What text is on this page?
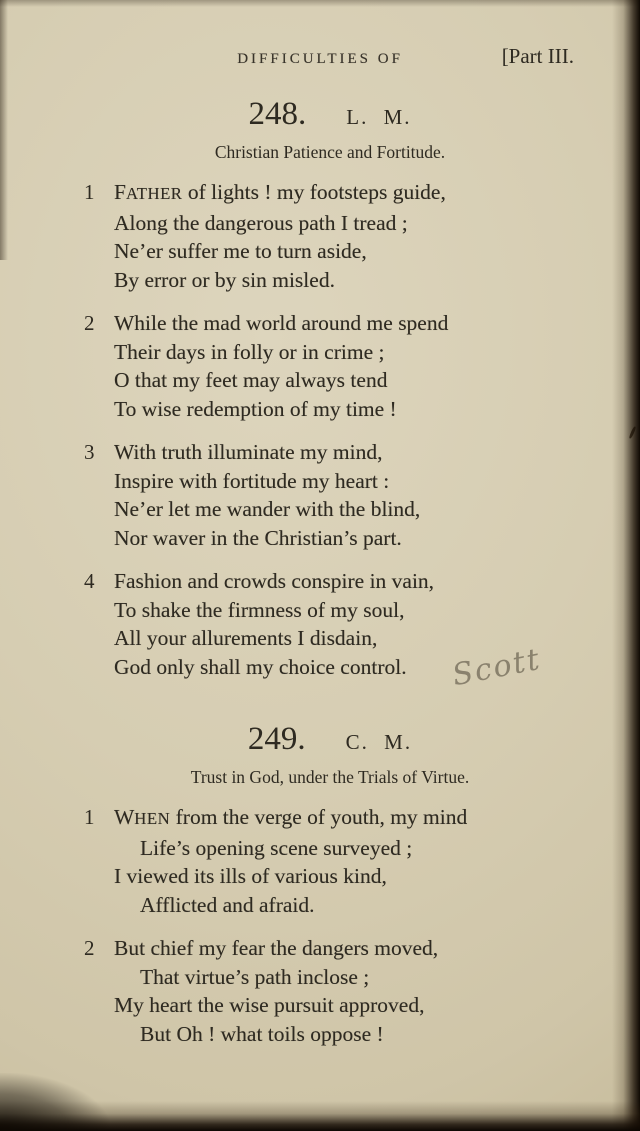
DIFFICULTIES OF	[Part III.
248. L. M.
Christian Patience and Fortitude.
1 FATHER of lights ! my footsteps guide,
Along the dangerous path I tread ;
Ne’er suffer me to turn aside,
By error or by sin misled.
2 While the mad world around me spend
Their days in folly or in crime ;
O that my feet may always tend
To wise redemption of my time !
3 With truth illuminate my mind,
Inspire with fortitude my heart :
Ne’er let me wander with the blind,
Nor waver in the Christian’s part.
4 Fashion and crowds conspire in vain,
To shake the firmness of my soul,
All your allurements I disdain,
God only shall my choice control.
249. C. M.
Trust in God, under the Trials of Virtue.
1 WHEN from the verge of youth, my mind
Life’s opening scene surveyed ;
I viewed its ills of various kind,
Afflicted and afraid.
2 But chief my fear the dangers moved,
That virtue’s path inclose ;
My heart the wise pursuit approved,
But Oh ! what toils oppose !
Scott
